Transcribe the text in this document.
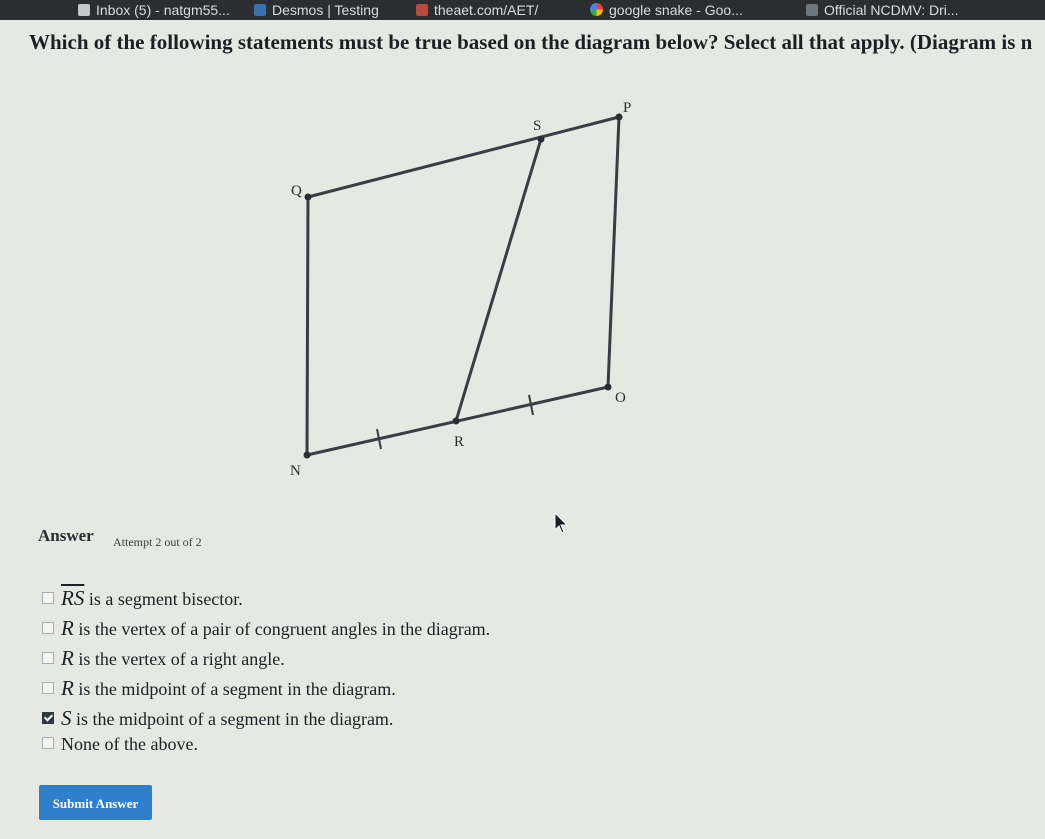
Inbox (5) - natgm55...	Desmos | Testing	theaet.com/AET/	google snake - Goo...	Official NCDMV: Dri...
Which of the following statements must be true based on the diagram below? Select all that apply. (Diagram is n
P
S
Q
O
R
N
Answer Attempt 2 out of 2
$\overline{RS}$ is a segment bisector.
R is the vertex of a pair of congruent angles in the diagram.
R is the vertex of a right angle.
R is the midpoint of a segment in the diagram.
S is the midpoint of a segment in the diagram.
None of the above.
Submit Answer
